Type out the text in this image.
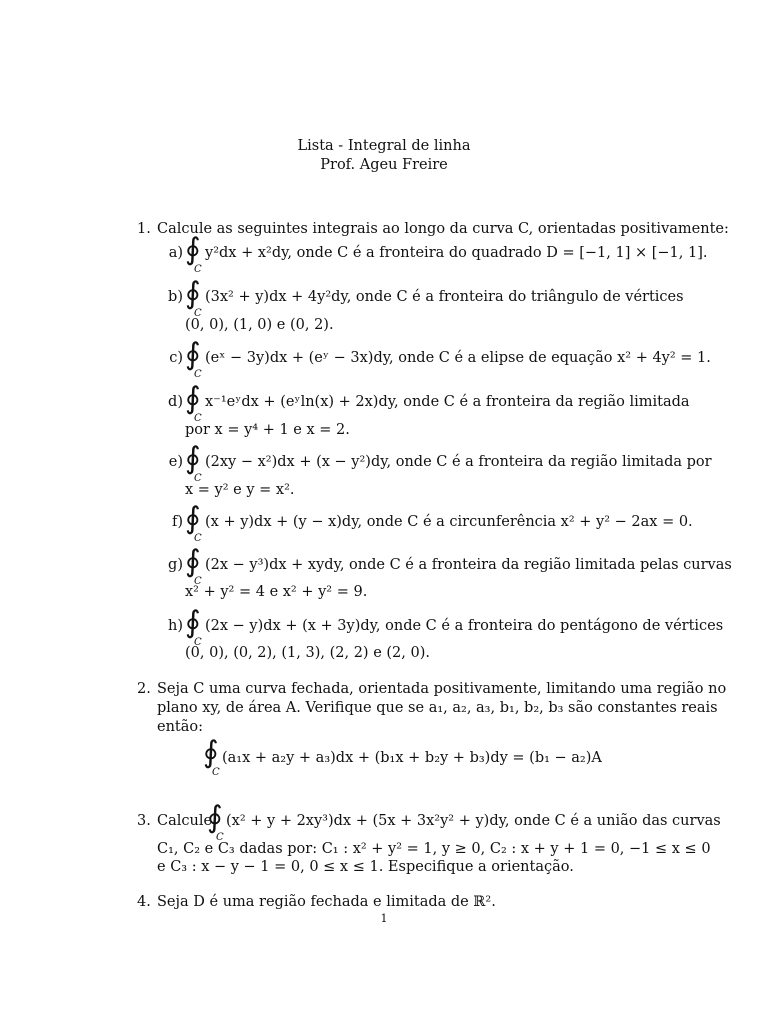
Lista - Integral de linha
Prof. Ageu Freire
1. Calcule as seguintes integrais ao longo da curva C, orientadas positivamente:
a) ∮
C
y²dx + x²dy, onde C é a fronteira do quadrado D = [−1, 1] × [−1, 1].
b) ∮
C
(3x² + y)dx + 4y²dy, onde C é a fronteira do triângulo de vértices
(0, 0), (1, 0) e (0, 2).
c) ∮
C
(eˣ − 3y)dx + (eʸ − 3x)dy, onde C é a elipse de equação x² + 4y² = 1.
d) ∮
C
x⁻¹eʸdx + (eʸln(x) + 2x)dy, onde C é a fronteira da região limitada
por x = y⁴ + 1 e x = 2.
e) ∮
C
(2xy − x²)dx + (x − y²)dy, onde C é a fronteira da região limitada por
x = y² e y = x².
f) ∮
C
(x + y)dx + (y − x)dy, onde C é a circunferência x² + y² − 2ax = 0.
g) ∮
C
(2x − y³)dx + xydy, onde C é a fronteira da região limitada pelas curvas
x² + y² = 4 e x² + y² = 9.
h) ∮
C
(2x − y)dx + (x + 3y)dy, onde C é a fronteira do pentágono de vértices
(0, 0), (0, 2), (1, 3), (2, 2) e (2, 0).
2. Seja C uma curva fechada, orientada positivamente, limitando uma região no
plano xy, de área A. Verifique que se a₁, a₂, a₃, b₁, b₂, b₃ são constantes reais
então:
∮
C
(a₁x + a₂y + a₃)dx + (b₁x + b₂y + b₃)dy = (b₁ − a₂)A
3. Calcule
∮
C
(x² + y + 2xy³)dx + (5x + 3x²y² + y)dy, onde C é a união das curvas
C₁, C₂ e C₃ dadas por: C₁ : x² + y² = 1, y ≥ 0, C₂ : x + y + 1 = 0, −1 ≤ x ≤ 0
e C₃ : x − y − 1 = 0, 0 ≤ x ≤ 1. Especifique a orientação.
4. Seja D é uma região fechada e limitada de ℝ².
1
